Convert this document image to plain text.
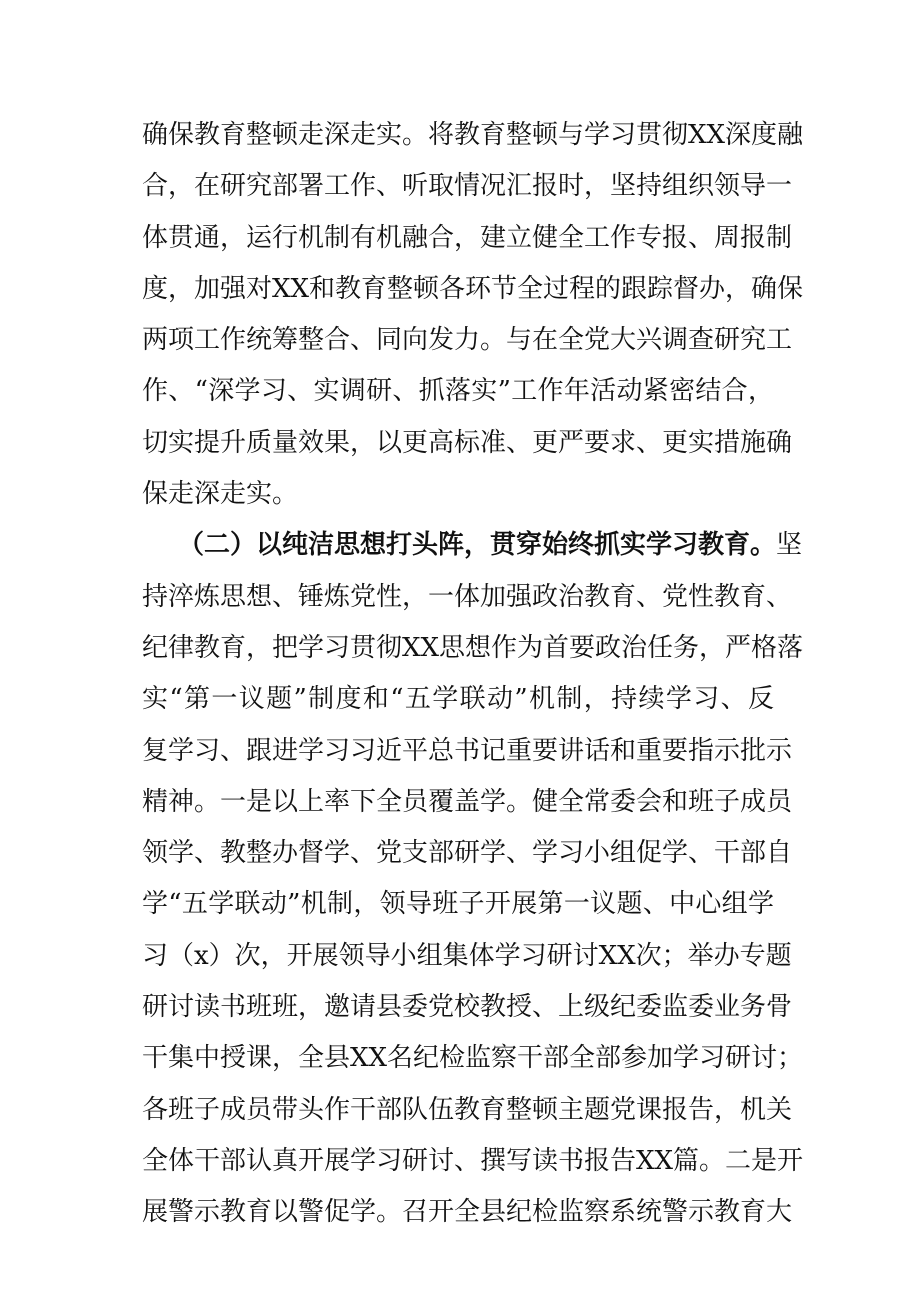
确保教育整顿走深走实。将教育整顿与学习贯彻XX深度融
合，在研究部署工作、听取情况汇报时，坚持组织领导一
体贯通，运行机制有机融合，建立健全工作专报、周报制
度，加强对XX和教育整顿各环节全过程的跟踪督办，确保
两项工作统筹整合、同向发力。与在全党大兴调查研究工
作、“深学习、实调研、抓落实”工作年活动紧密结合，
切实提升质量效果，以更高标准、更严要求、更实措施确
保走深走实。
（二）以纯洁思想打头阵，贯穿始终抓实学习教育。坚
持淬炼思想、锤炼党性，一体加强政治教育、党性教育、
纪律教育，把学习贯彻XX思想作为首要政治任务，严格落
实“第一议题”制度和“五学联动”机制，持续学习、反
复学习、跟进学习习近平总书记重要讲话和重要指示批示
精神。一是以上率下全员覆盖学。健全常委会和班子成员
领学、教整办督学、党支部研学、学习小组促学、干部自
学“五学联动”机制，领导班子开展第一议题、中心组学
习（x）次，开展领导小组集体学习研讨XX次；举办专题
研讨读书班班，邀请县委党校教授、上级纪委监委业务骨
干集中授课，全县XX名纪检监察干部全部参加学习研讨；
各班子成员带头作干部队伍教育整顿主题党课报告，机关
全体干部认真开展学习研讨、撰写读书报告XX篇。二是开
展警示教育以警促学。召开全县纪检监察系统警示教育大
